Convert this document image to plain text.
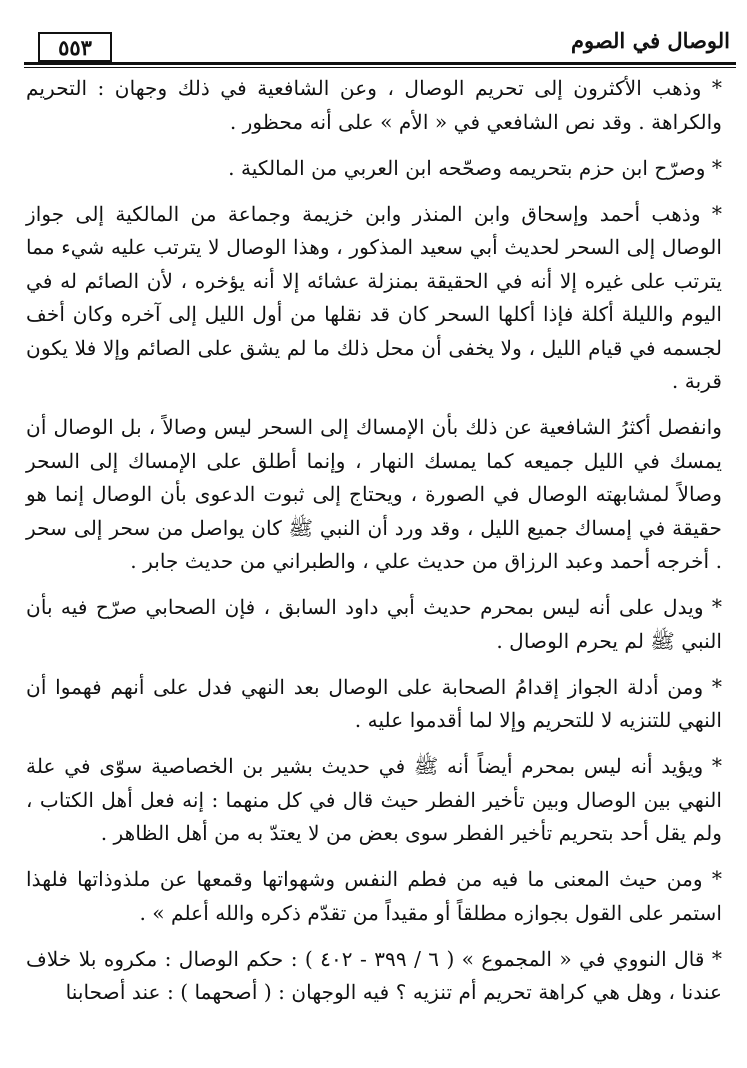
٥٥٣	الوصال في الصوم

* وذهب الأكثرون إلى تحريم الوصال ، وعن الشافعية في ذلك وجهان : التحريم والكراهة . وقد نص الشافعي في « الأم » على أنه محظور .

* وصرّح ابن حزم بتحريمه وصحّحه ابن العربي من المالكية .

* وذهب أحمد وإسحاق وابن المنذر وابن خزيمة وجماعة من المالكية إلى جواز الوصال إلى السحر لحديث أبي سعيد المذكور ، وهذا الوصال لا يترتب عليه شيء مما يترتب على غيره إلا أنه في الحقيقة بمنزلة عشائه إلا أنه يؤخره ، لأن الصائم له في اليوم والليلة أكلة فإذا أكلها السحر كان قد نقلها من أول الليل إلى آخره وكان أخف لجسمه في قيام الليل ، ولا يخفى أن محل ذلك ما لم يشق على الصائم وإلا فلا يكون قربة .

وانفصل أكثرُ الشافعية عن ذلك بأن الإمساك إلى السحر ليس وصالاً ، بل الوصال أن يمسك في الليل جميعه كما يمسك النهار ، وإنما أطلق على الإمساك إلى السحر وصالاً لمشابهته الوصال في الصورة ، ويحتاج إلى ثبوت الدعوى بأن الوصال إنما هو حقيقة في إمساك جميع الليل ، وقد ورد أن النبي ﷺ كان يواصل من سحر إلى سحر . أخرجه أحمد وعبد الرزاق من حديث علي ، والطبراني من حديث جابر .

* ويدل على أنه ليس بمحرم حديث أبي داود السابق ، فإن الصحابي صرّح فيه بأن النبي ﷺ لم يحرم الوصال .

* ومن أدلة الجواز إقدامُ الصحابة على الوصال بعد النهي فدل على أنهم فهموا أن النهي للتنزيه لا للتحريم وإلا لما أقدموا عليه .

* ويؤيد أنه ليس بمحرم أيضاً أنه ﷺ في حديث بشير بن الخصاصية سوّى في علة النهي بين الوصال وبين تأخير الفطر حيث قال في كل منهما : إنه فعل أهل الكتاب ، ولم يقل أحد بتحريم تأخير الفطر سوى بعض من لا يعتدّ به من أهل الظاهر .

* ومن حيث المعنى ما فيه من فطم النفس وشهواتها وقمعها عن ملذوذاتها فلهذا استمر على القول بجوازه مطلقاً أو مقيداً من تقدّم ذكره والله أعلم » .

* قال النووي في « المجموع » ( ٦ / ٣٩٩ - ٤٠٢ ) : حكم الوصال : مكروه بلا خلاف عندنا ، وهل هي كراهة تحريم أم تنزيه ؟ فيه الوجهان : ( أصحهما ) : عند أصحابنا
